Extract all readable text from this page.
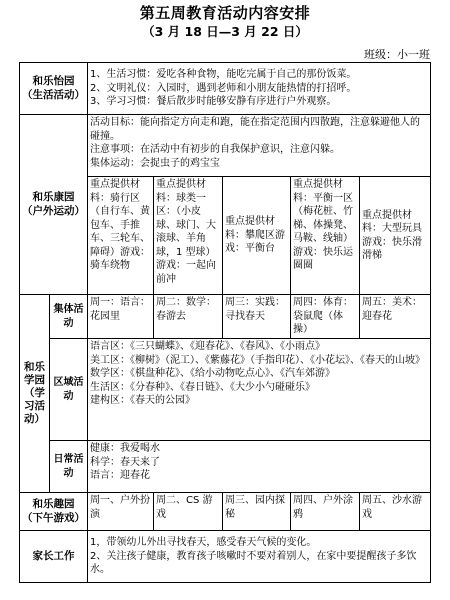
第五周教育活动内容安排
（3 月 18 日—3 月 22 日）
班级：小一班
和乐怡园
（生活活动）		1、生活习惯：爱吃各种食物，能吃完属于自己的那份饭菜。
2、文明礼仪：入园时，遇到老师和小朋友能热情的打招呼。
3、学习习惯：餐后散步时能够安静有序进行户外观察。				

和乐康园
（户外运动）		活动目标：能向指定方向走和跑，能在指定范围内四散跑，注意躲避他人的碰撞。
注意事项：在活动中有初步的自我保护意识，注意闪躲。
集体运动：会捉虫子的鸡宝宝				

		重点提供材料：骑行区（自行车、黄包车、手推车、三轮车、障碍）游戏：骑车绕物	重点提供材料：球类一区：（小皮球、球门、大滚球、羊角球，1 型球）游戏：一起向前冲	重点提供材料：攀爬区游戏：平衡台	重点提供材料：平衡一区（梅花桩、竹梯、体操凳、马鞍、线轴）游戏：快乐运圈圈	重点提供材料：大型玩具游戏：快乐滑滑梯
和乐学园（学习活动）	集体活动	周一：语言：花园里	周二：数学：春游去	周三：实践：寻找春天	周四：体育：袋鼠爬（体操）	周五：美术：迎春花
	区域活动	语言区：《三只蝴蝶》、《迎春花》、《春风》、《小雨点》
美工区：《柳树》（泥工）、《紫藤花》（手指印花）、《小花坛》、《春天的山坡》
数学区：《棋盘种花》、《给小动物吃点心》、《汽车郊游》
生活区：《分春种》、《春日链》、《大少小勺碰碰乐》
建构区：《春天的公园》				

	日常活动	健康：我爱喝水
科学：春天来了
语言：迎春花				

和乐趣园
（下午游戏）		周一、户外扮演	周二、CS 游戏	周三、园内探秘	周四、户外涂鸦	周五、沙水游戏
家长工作		1，带领幼儿外出寻找春天，感受春天气候的变化。
2、关注孩子健康，教育孩子咳嗽时不要对着别人，在家中要提醒孩子多饮水。				
